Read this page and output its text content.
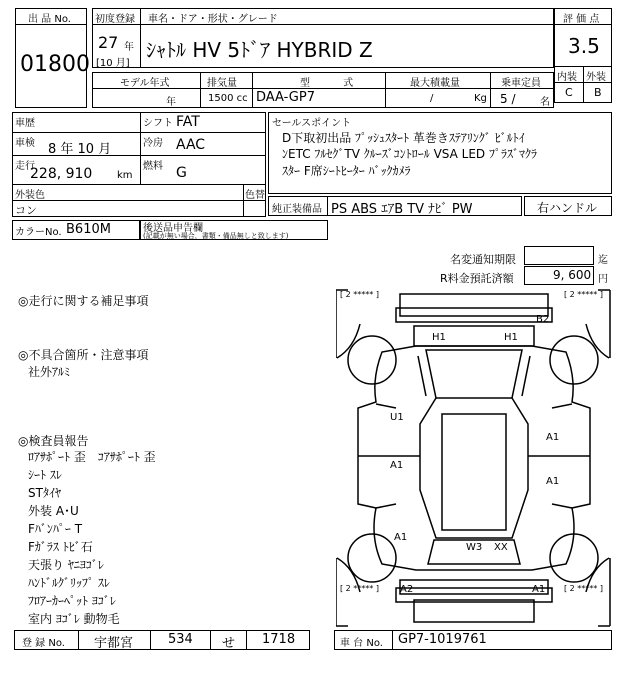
出 品 No.
01800
初度登録 車名・ドア・形状・グレード
27 年
[10 月]
ｼｬﾄﾙ HV 5ﾄﾞｱ HYBRID Z
評 価 点
3.5
内装 外装
C B
モデル年式	排気量	型 式	最大積載量	乗車定員
年	1500 cc DAA-GP7	/	Kg 5 / 名
車歴	シフト FAT
車検 8 年 10 月	冷房 AAC
走行
228, 910 km
燃料 G
外装色
コン
色替
カラーNo. B610M	後送品申告欄
(記載が無い場合，書類・備品無しと致します)
セールスポイント
D下取初出品 ﾌﾟｯｼｭｽﾀｰﾄ 革巻きｽﾃｱﾘﾝｸﾞ ﾋﾞﾙﾄｲ
ﾝETC ﾌﾙｾｸﾞTV ｸﾙｰｽﾞｺﾝﾄﾛｰﾙ VSA LED ﾌﾟﾗｽﾞﾏｸﾗ
ｽﾀｰ F席ｼｰﾄﾋｰﾀｰ ﾊﾞｯｸｶﾒﾗ
純正装備品 PS ABS ｴｱB TV ﾅﾋﾞ PW	右ハンドル
名変通知期限	迄
R料金預託済額	9, 600 円
◎走行に関する補足事項
◎不具合箇所・注意事項
社外ｱﾙﾐ
◎検査員報告
ﾛｱｻﾎﾟｰﾄ 歪　ｺｱｻﾎﾟｰﾄ 歪
ｼｰﾄ ｽﾚ
STﾀｲﾔ
外装 A･U
Fﾊﾞﾝﾊﾟｰ T
Fｶﾞﾗｽ ﾄﾋﾞ石
天張り ﾔﾆﾖｺﾞﾚ
ﾊﾝﾄﾞﾙｸﾞﾘｯﾌﾟ ｽﾚ
ﾌﾛｱｰｶｰﾍﾟｯﾄ ﾖｺﾞﾚ
室内 ﾖｺﾞﾚ 動物毛
[ 2 ***** ]	[ 2 ***** ]
[ 2 ***** ]	[ 2 ***** ]
B2
H1	H1
U1
A1
A1
A1
A1
W3 XX
A2	A1
登 録 No. 宇都宮	534 せ 1718	車 台 No. GP7-1019761
